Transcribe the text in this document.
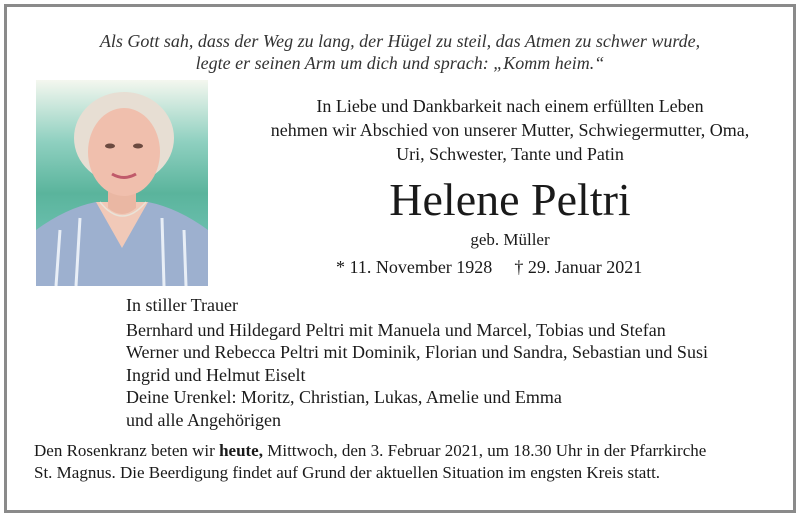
Als Gott sah, dass der Weg zu lang, der Hügel zu steil, das Atmen zu schwer wurde,
legte er seinen Arm um dich und sprach: „Komm heim.“
In Liebe und Dankbarkeit nach einem erfüllten Leben
nehmen wir Abschied von unserer Mutter, Schwiegermutter, Oma,
Uri, Schwester, Tante und Patin
Helene Peltri
geb. Müller
* 11. November 1928 † 29. Januar 2021
In stiller Trauer
Bernhard und Hildegard Peltri mit Manuela und Marcel, Tobias und Stefan
Werner und Rebecca Peltri mit Dominik, Florian und Sandra, Sebastian und Susi
Ingrid und Helmut Eiselt
Deine Urenkel: Moritz, Christian, Lukas, Amelie und Emma
und alle Angehörigen
Den Rosenkranz beten wir heute, Mittwoch, den 3. Februar 2021, um 18.30 Uhr in der Pfarrkirche
St. Magnus. Die Beerdigung findet auf Grund der aktuellen Situation im engsten Kreis statt.
